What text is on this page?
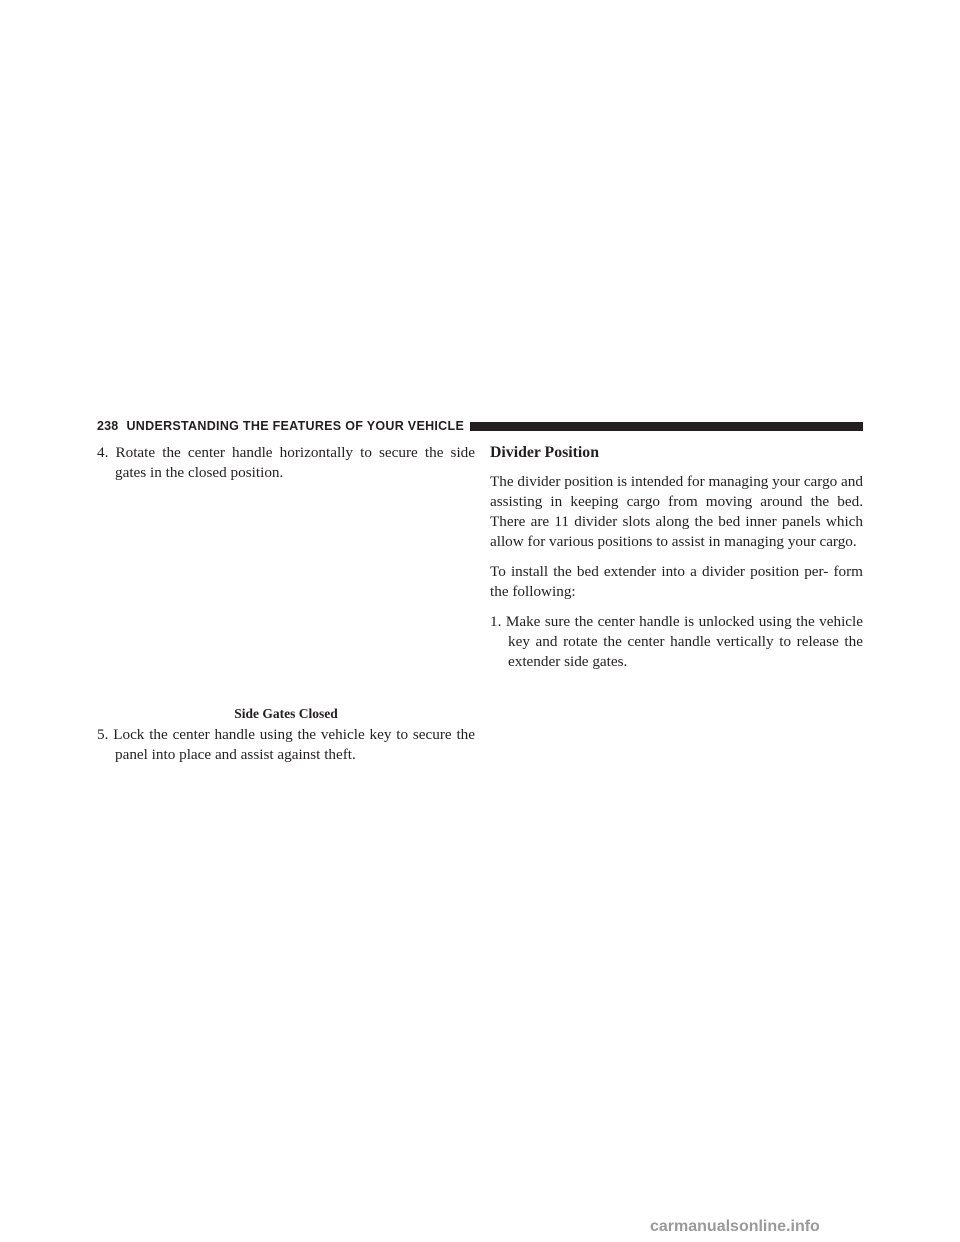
238 UNDERSTANDING THE FEATURES OF YOUR VEHICLE

4. Rotate the center handle horizontally to secure the side gates in the closed position.

Side Gates Closed

5. Lock the center handle using the vehicle key to secure the panel into place and assist against theft.

Divider Position

The divider position is intended for managing your cargo and assisting in keeping cargo from moving around the bed. There are 11 divider slots along the bed inner panels which allow for various positions to assist in managing your cargo.

To install the bed extender into a divider position per- form the following:

1. Make sure the center handle is unlocked using the vehicle key and rotate the center handle vertically to release the extender side gates.

carmanualsonline.info
